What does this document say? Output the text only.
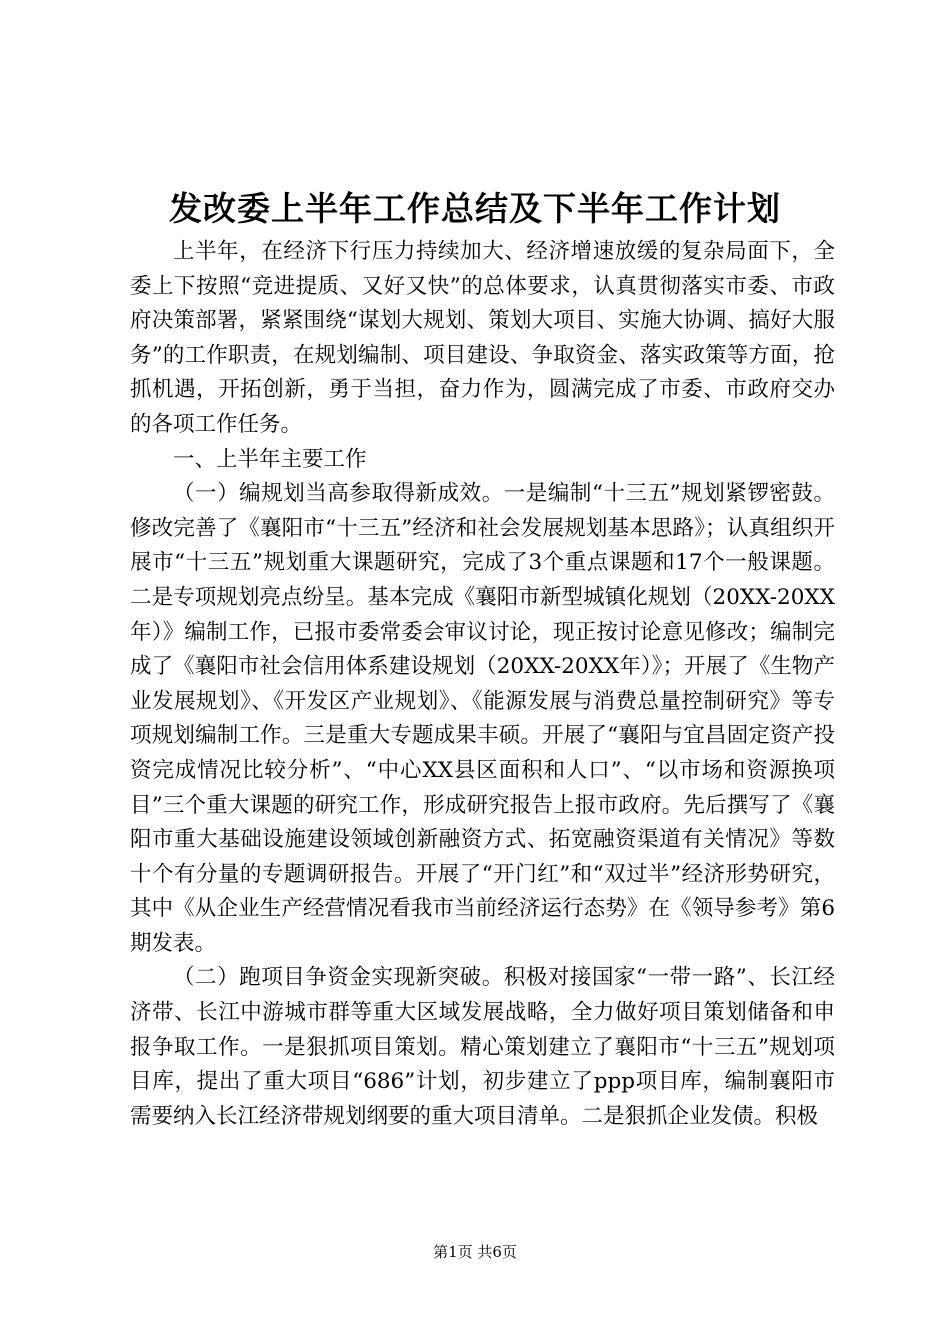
发改委上半年工作总结及下半年工作计划

上半年，在经济下行压力持续加大、经济增速放缓的复杂局面下，全委上下按照“竞进提质、又好又快”的总体要求，认真贯彻落实市委、市政府决策部署，紧紧围绕“谋划大规划、策划大项目、实施大协调、搞好大服务”的工作职责，在规划编制、项目建设、争取资金、落实政策等方面，抢抓机遇，开拓创新，勇于当担，奋力作为，圆满完成了市委、市政府交办的各项工作任务。

一、上半年主要工作

（一）编规划当高参取得新成效。一是编制“十三五”规划紧锣密鼓。修改完善了《襄阳市“十三五”经济和社会发展规划基本思路》；认真组织开展市“十三五”规划重大课题研究，完成了3个重点课题和17个一般课题。二是专项规划亮点纷呈。基本完成《襄阳市新型城镇化规划（20XX-20XX年）》编制工作，已报市委常委会审议讨论，现正按讨论意见修改；编制完成了《襄阳市社会信用体系建设规划（20XX-20XX年）》；开展了《生物产业发展规划》、《开发区产业规划》、《能源发展与消费总量控制研究》等专项规划编制工作。三是重大专题成果丰硕。开展了“襄阳与宜昌固定资产投资完成情况比较分析”、“中心XX县区面积和人口”、“以市场和资源换项目”三个重大课题的研究工作，形成研究报告上报市政府。先后撰写了《襄阳市重大基础设施建设领域创新融资方式、拓宽融资渠道有关情况》等数十个有分量的专题调研报告。开展了“开门红”和“双过半”经济形势研究，其中《从企业生产经营情况看我市当前经济运行态势》在《领导参考》第6期发表。

（二）跑项目争资金实现新突破。积极对接国家“一带一路”、长江经济带、长江中游城市群等重大区域发展战略，全力做好项目策划储备和申报争取工作。一是狠抓项目策划。精心策划建立了襄阳市“十三五”规划项目库，提出了重大项目“686”计划，初步建立了ppp项目库，编制襄阳市需要纳入长江经济带规划纲要的重大项目清单。二是狠抓企业发债。积极

第1页 共6页
